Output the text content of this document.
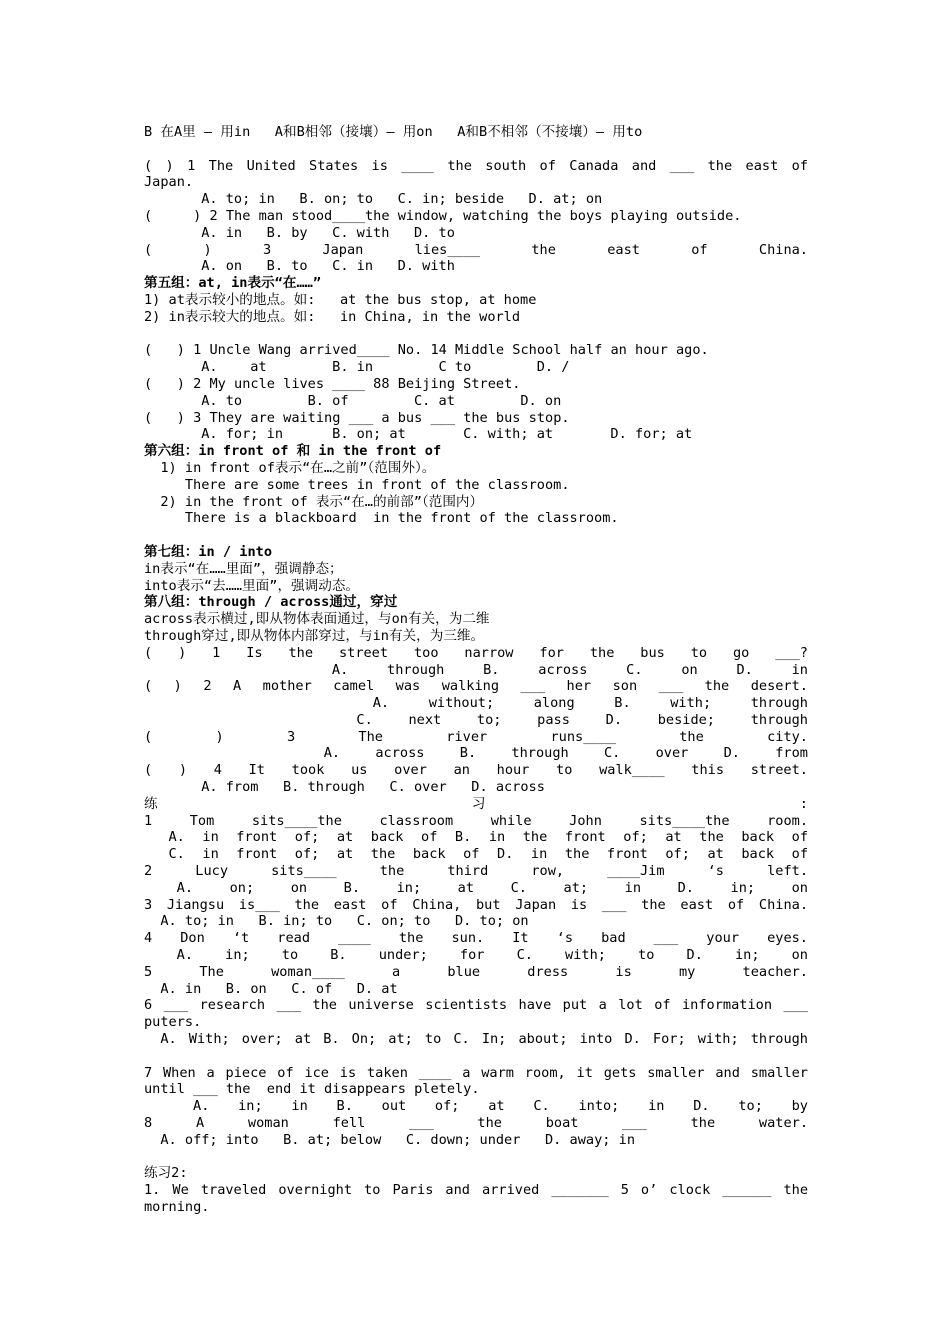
B 在A里 — 用in   A和B相邻（接壤）— 用on   A和B不相邻（不接壤）— 用to
( ) 1 The United States is ____ the south of Canada and ___ the east of
Japan.
A. to; in   B. on; to   C. in; beside   D. at; on
(     ) 2 The man stood____the window, watching the boys playing outside.
A. in   B. by   C. with   D. to
( ) 3 Japan lies____ the east of China.
A. on   B. to   C. in   D. with
第五组：at, in表示“在……”
1) at表示较小的地点。如:   at the bus stop, at home
2) in表示较大的地点。如:   in China, in the world
(   ) 1 Uncle Wang arrived____ No. 14 Middle School half an hour ago.
A.    at        B. in        C to        D. /
(   ) 2 My uncle lives ____ 88 Beijing Street.
A. to        B. of        C. at        D. on
(   ) 3 They are waiting ___ a bus ___ the bus stop.
A. for; in      B. on; at       C. with; at       D. for; at
第六组：in front of 和 in the front of
1) in front of表示“在…之前”（范围外）。
There are some trees in front of the classroom.
2) in the front of 表示“在…的前部”（范围内）
There is a blackboard  in the front of the classroom.
第七组：in / into
in表示“在……里面”，强调静态；
into表示“去……里面”，强调动态。
第八组：through / across通过，穿过
across表示横过,即从物体表面通过，与on有关，为二维
through穿过,即从物体内部穿过，与in有关，为三维。
( ) 1 Is the street too narrow for the bus to go ___?
A. through B. across C. on D. in
( ) 2 A mother camel was walking ___ her son ___ the desert.
A. without; along B. with; through
C. next to; pass D. beside; through
( ) 3 The river runs____ the city.
A. across B. through C. over D. from
( ) 4 It took us over an hour to walk____ this street.
A. from   B. through   C. over   D. across
练 习 :
1 Tom sits____the classroom while John sits____the room.
A. in front of; at back of B. in the front of; at the back of
C. in front of; at the back of D. in the front of; at back of
2 Lucy sits____ the third row, ____Jim ‘s left.
A. on; on B. in; at C. at; in D. in; on
3 Jiangsu is___ the east of China, but Japan is ___ the east of China.
A. to; in   B. in; to   C. on; to   D. to; on
4 Don ‘t read ____ the sun. It ‘s bad ___ your eyes.
A. in; to B. under; for C. with; to D. in; on
5 The woman____ a blue dress is my teacher.
A. in   B. on   C. of   D. at
6 ___ research ___ the universe scientists have put a lot of information ___
puters.
A. With; over; at B. On; at; to C. In; about; into D. For; with; through
7 When a piece of ice is taken ____ a warm room, it gets smaller and smaller
until ___ the  end it disappears pletely.
A. in; in B. out of; at C. into; in D. to; by
8 A woman fell ___ the boat ___ the water.
A. off; into   B. at; below   C. down; under   D. away; in
练习2:
1. We traveled overnight to Paris and arrived _______ 5 o’ clock ______ the
morning.
